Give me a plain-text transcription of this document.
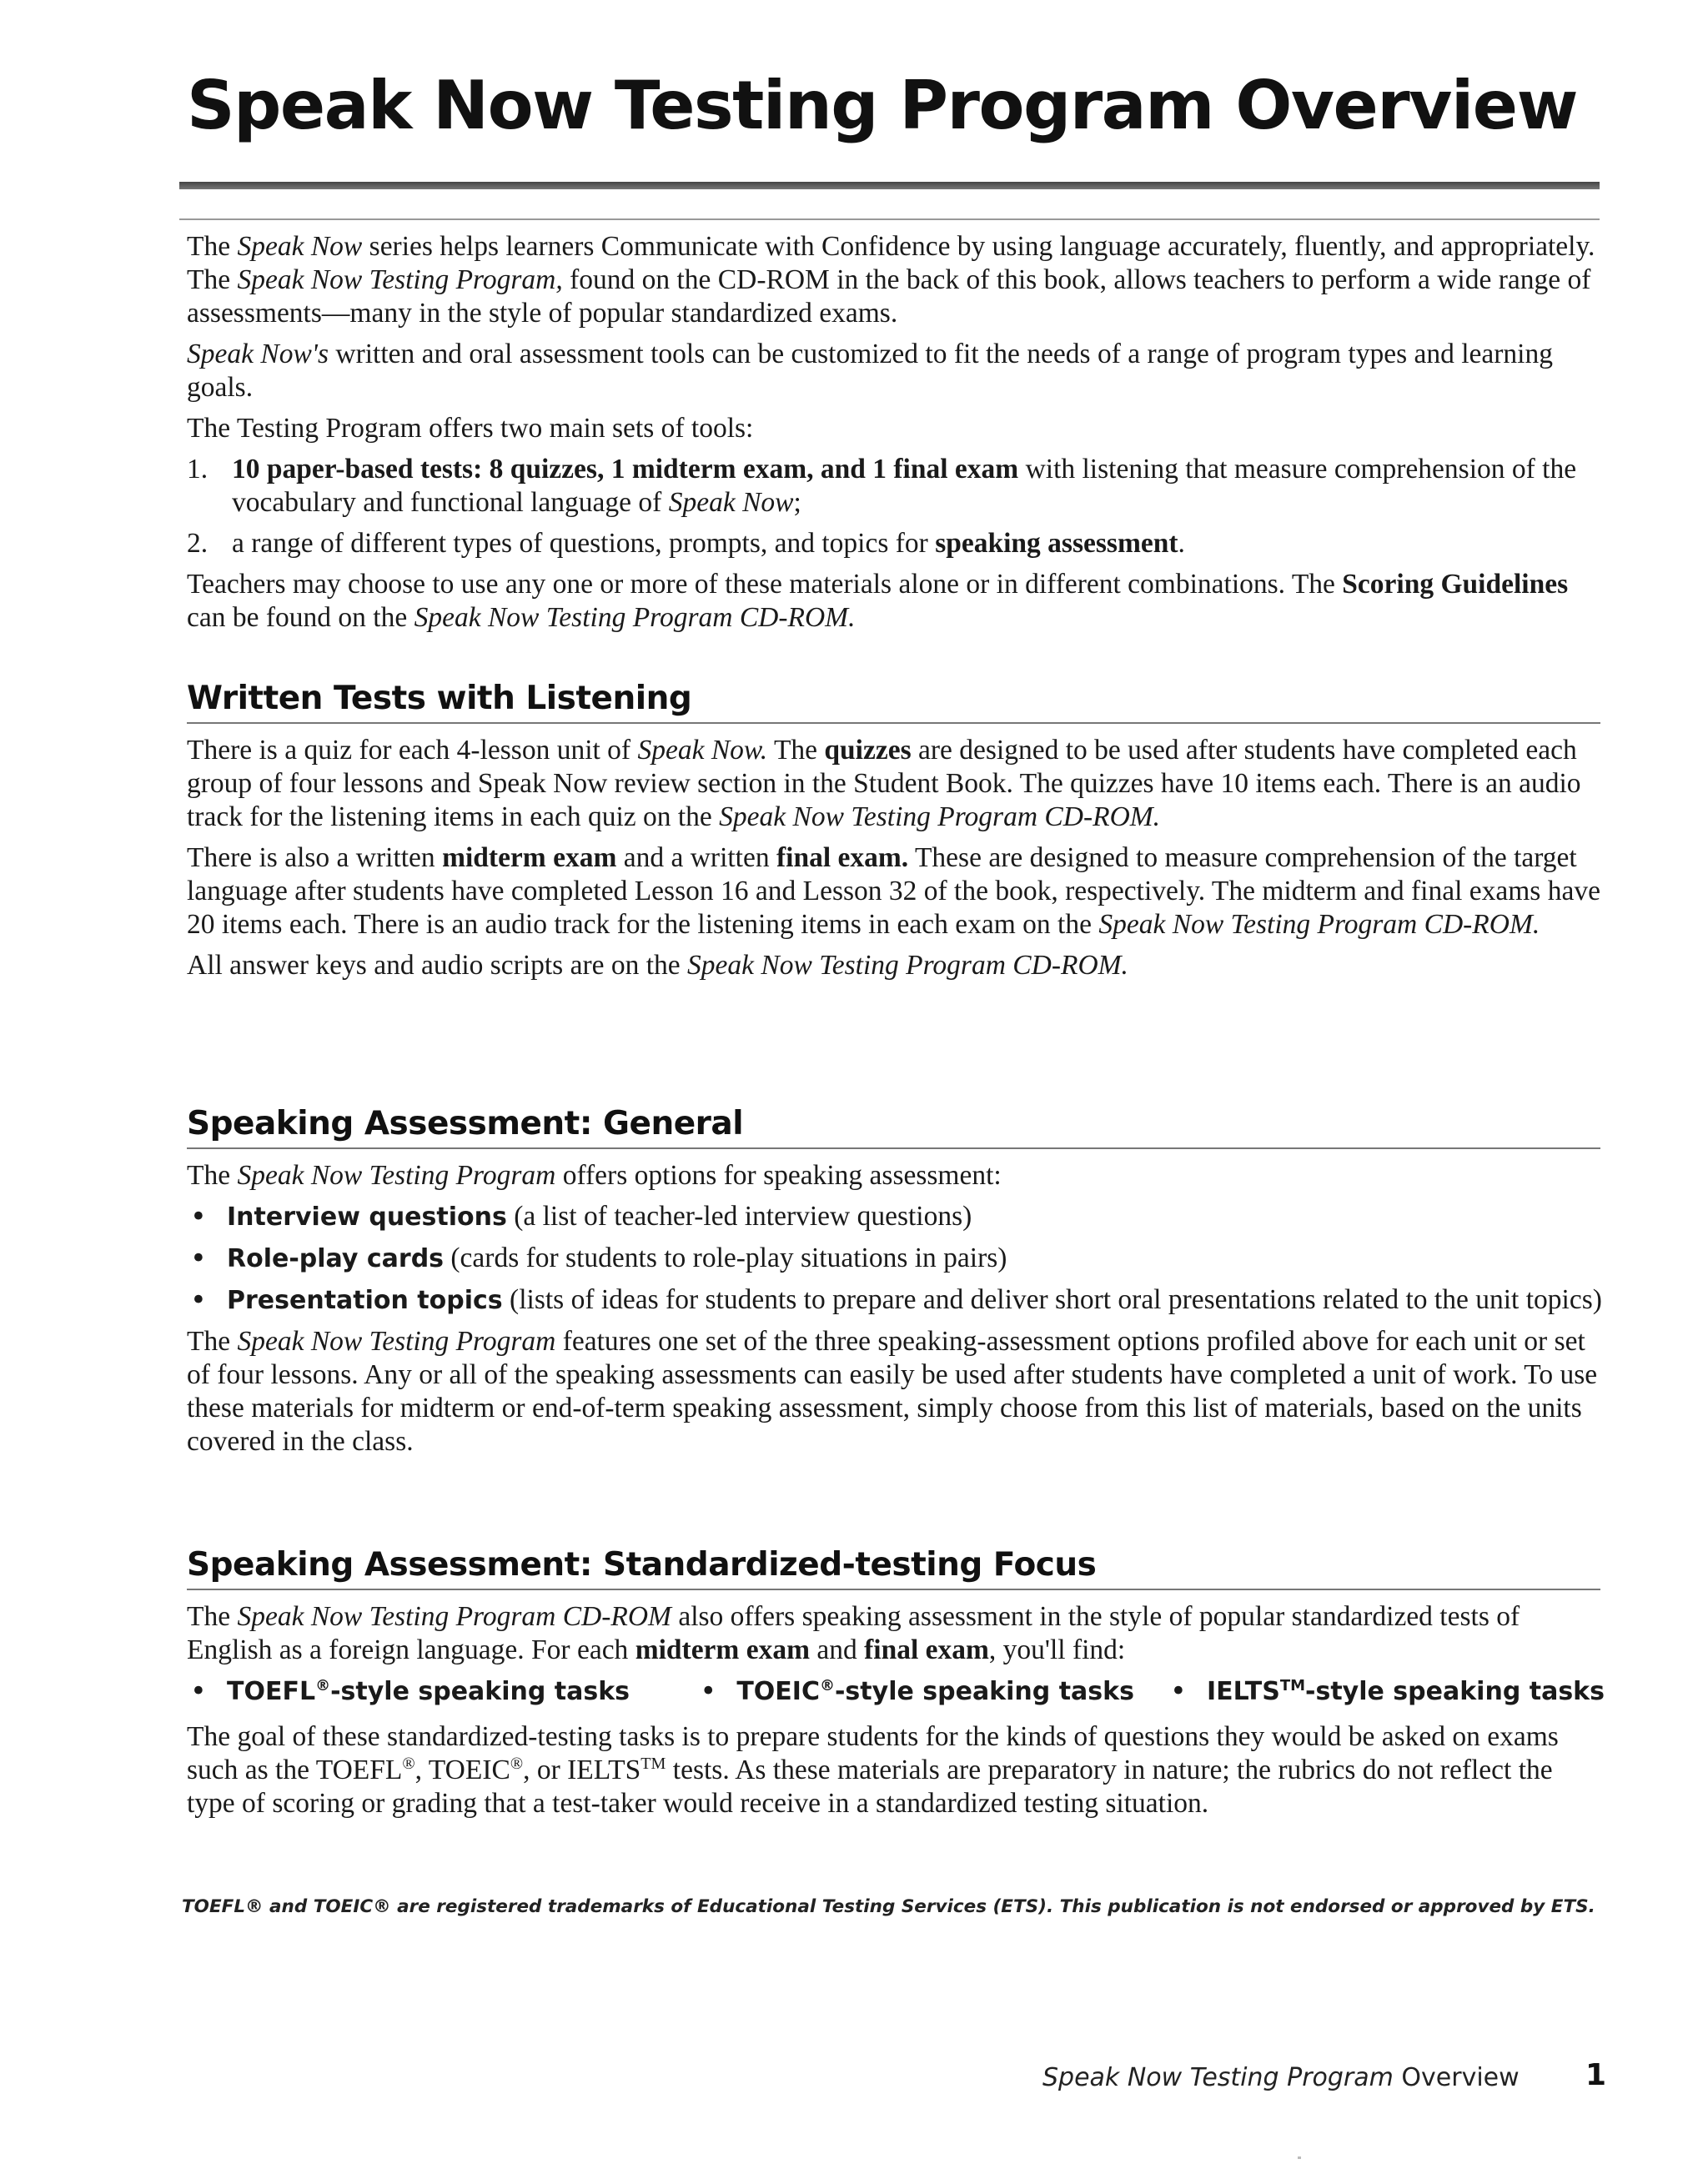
Speak Now Testing Program Overview

The Speak Now series helps learners Communicate with Confidence by using language accurately, fluently, and appropriately. The Speak Now Testing Program, found on the CD-ROM in the back of this book, allows teachers to perform a wide range of assessments—many in the style of popular standardized exams.

Speak Now's written and oral assessment tools can be customized to fit the needs of a range of program types and learning goals.

The Testing Program offers two main sets of tools:

1. 10 paper-based tests: 8 quizzes, 1 midterm exam, and 1 final exam with listening that measure comprehension of the vocabulary and functional language of Speak Now;
2. a range of different types of questions, prompts, and topics for speaking assessment.

Teachers may choose to use any one or more of these materials alone or in different combinations. The Scoring Guidelines can be found on the Speak Now Testing Program CD-ROM.

Written Tests with Listening

There is a quiz for each 4-lesson unit of Speak Now. The quizzes are designed to be used after students have completed each group of four lessons and Speak Now review section in the Student Book. The quizzes have 10 items each. There is an audio track for the listening items in each quiz on the Speak Now Testing Program CD-ROM.

There is also a written midterm exam and a written final exam. These are designed to measure comprehension of the target language after students have completed Lesson 16 and Lesson 32 of the book, respectively. The midterm and final exams have 20 items each. There is an audio track for the listening items in each exam on the Speak Now Testing Program CD-ROM.

All answer keys and audio scripts are on the Speak Now Testing Program CD-ROM.

Speaking Assessment: General

The Speak Now Testing Program offers options for speaking assessment:

• Interview questions (a list of teacher-led interview questions)
• Role-play cards (cards for students to role-play situations in pairs)
• Presentation topics (lists of ideas for students to prepare and deliver short oral presentations related to the unit topics)

The Speak Now Testing Program features one set of the three speaking-assessment options profiled above for each unit or set of four lessons. Any or all of the speaking assessments can easily be used after students have completed a unit of work. To use these materials for midterm or end-of-term speaking assessment, simply choose from this list of materials, based on the units covered in the class.

Speaking Assessment: Standardized-testing Focus

The Speak Now Testing Program CD-ROM also offers speaking assessment in the style of popular standardized tests of English as a foreign language. For each midterm exam and final exam, you'll find:

• TOEFL®-style speaking tasks	• TOEIC®-style speaking tasks	• IELTS™-style speaking tasks

The goal of these standardized-testing tasks is to prepare students for the kinds of questions they would be asked on exams such as the TOEFL®, TOEIC®, or IELTS™ tests. As these materials are preparatory in nature; the rubrics do not reflect the type of scoring or grading that a test-taker would receive in a standardized testing situation.

TOEFL® and TOEIC® are registered trademarks of Educational Testing Services (ETS). This publication is not endorsed or approved by ETS.
Speak Now Testing Program Overview 1
